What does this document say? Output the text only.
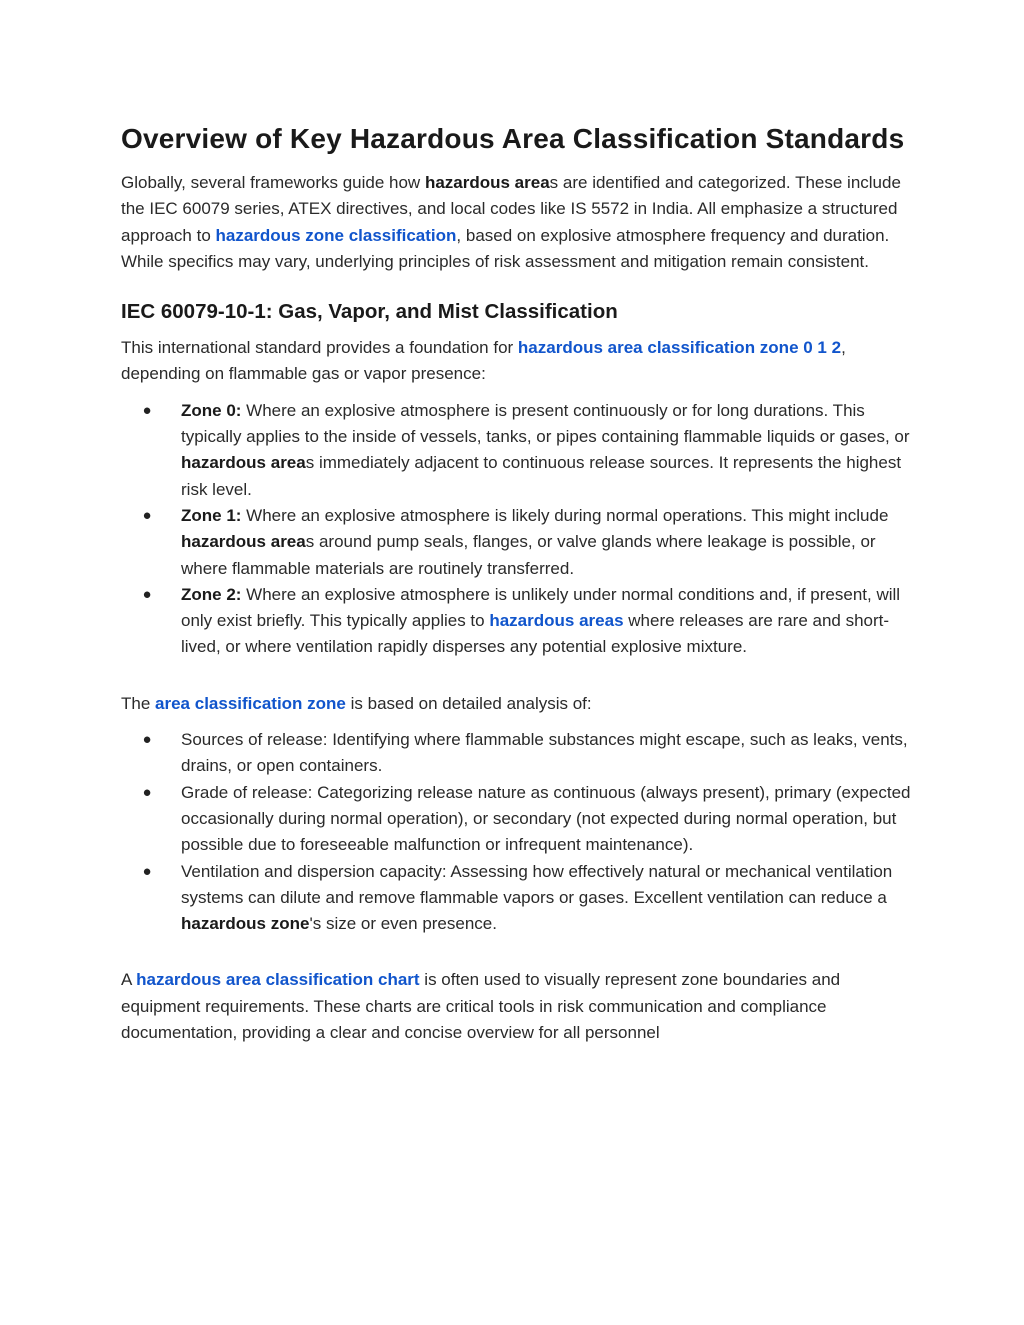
Overview of Key Hazardous Area Classification Standards

Globally, several frameworks guide how hazardous areas are identified and categorized. These include the IEC 60079 series, ATEX directives, and local codes like IS 5572 in India. All emphasize a structured approach to hazardous zone classification, based on explosive atmosphere frequency and duration. While specifics may vary, underlying principles of risk assessment and mitigation remain consistent.

IEC 60079-10-1: Gas, Vapor, and Mist Classification

This international standard provides a foundation for hazardous area classification zone 0 1 2, depending on flammable gas or vapor presence:

● Zone 0: Where an explosive atmosphere is present continuously or for long durations. This typically applies to the inside of vessels, tanks, or pipes containing flammable liquids or gases, or hazardous areas immediately adjacent to continuous release sources. It represents the highest risk level.
● Zone 1: Where an explosive atmosphere is likely during normal operations. This might include hazardous areas around pump seals, flanges, or valve glands where leakage is possible, or where flammable materials are routinely transferred.
● Zone 2: Where an explosive atmosphere is unlikely under normal conditions and, if present, will only exist briefly. This typically applies to hazardous areas where releases are rare and short-lived, or where ventilation rapidly disperses any potential explosive mixture.

The area classification zone is based on detailed analysis of:

● Sources of release: Identifying where flammable substances might escape, such as leaks, vents, drains, or open containers.
● Grade of release: Categorizing release nature as continuous (always present), primary (expected occasionally during normal operation), or secondary (not expected during normal operation, but possible due to foreseeable malfunction or infrequent maintenance).
● Ventilation and dispersion capacity: Assessing how effectively natural or mechanical ventilation systems can dilute and remove flammable vapors or gases. Excellent ventilation can reduce a hazardous zone's size or even presence.

A hazardous area classification chart is often used to visually represent zone boundaries and equipment requirements. These charts are critical tools in risk communication and compliance documentation, providing a clear and concise overview for all personnel
